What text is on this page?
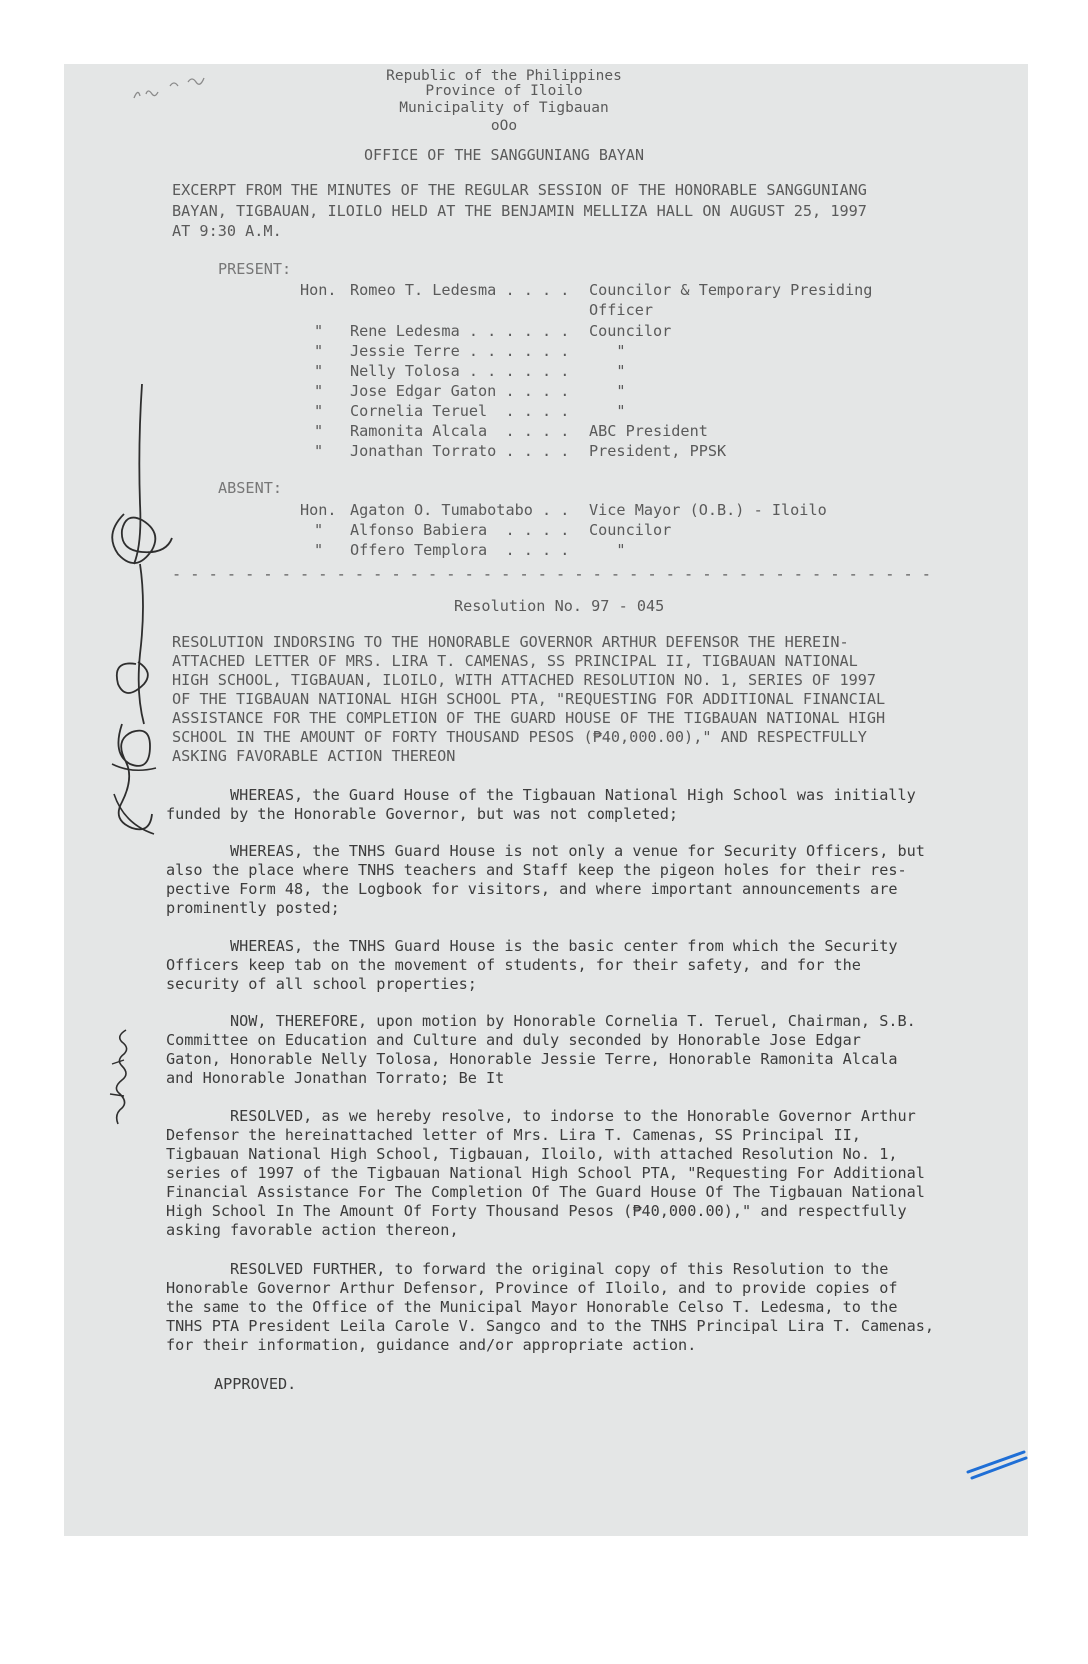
Republic of the Philippines
Province of Iloilo
Municipality of Tigbauan
oOo
OFFICE OF THE SANGGUNIANG BAYAN
EXCERPT FROM THE MINUTES OF THE REGULAR SESSION OF THE HONORABLE SANGGUNIANG
BAYAN, TIGBAUAN, ILOILO HELD AT THE BENJAMIN MELLIZA HALL ON AUGUST 25, 1997
AT 9:30 A.M.
PRESENT:
Hon. Romeo T. Ledesma . . . . Councilor & Temporary Presiding
Officer
" Rene Ledesma . . . . . . Councilor
" Jessie Terre . . . . . . "
" Nelly Tolosa . . . . . . "
" Jose Edgar Gaton . . . . "
" Cornelia Teruel  . . . . "
" Ramonita Alcala  . . . . ABC President
" Jonathan Torrato . . . . President, PPSK
ABSENT:
Hon. Agaton O. Tumabotabo . . Vice Mayor (O.B.) - Iloilo
" Alfonso Babiera  . . . . Councilor
" Offero Templora  . . . . "
- - - - - - - - - - - - - - - - - - - - - - - - - - - - - - - - - - - - - - - - - -
Resolution No. 97 - 045
RESOLUTION INDORSING TO THE HONORABLE GOVERNOR ARTHUR DEFENSOR THE HEREIN-
ATTACHED LETTER OF MRS. LIRA T. CAMENAS, SS PRINCIPAL II, TIGBAUAN NATIONAL
HIGH SCHOOL, TIGBAUAN, ILOILO, WITH ATTACHED RESOLUTION NO. 1, SERIES OF 1997
OF THE TIGBAUAN NATIONAL HIGH SCHOOL PTA, "REQUESTING FOR ADDITIONAL FINANCIAL
ASSISTANCE FOR THE COMPLETION OF THE GUARD HOUSE OF THE TIGBAUAN NATIONAL HIGH
SCHOOL IN THE AMOUNT OF FORTY THOUSAND PESOS (₱40,000.00)," AND RESPECTFULLY
ASKING FAVORABLE ACTION THEREON
WHEREAS, the Guard House of the Tigbauan National High School was initially
funded by the Honorable Governor, but was not completed;
WHEREAS, the TNHS Guard House is not only a venue for Security Officers, but
also the place where TNHS teachers and Staff keep the pigeon holes for their res-
pective Form 48, the Logbook for visitors, and where important announcements are
prominently posted;
WHEREAS, the TNHS Guard House is the basic center from which the Security
Officers keep tab on the movement of students, for their safety, and for the
security of all school properties;
NOW, THEREFORE, upon motion by Honorable Cornelia T. Teruel, Chairman, S.B.
Committee on Education and Culture and duly seconded by Honorable Jose Edgar
Gaton, Honorable Nelly Tolosa, Honorable Jessie Terre, Honorable Ramonita Alcala
and Honorable Jonathan Torrato; Be It
RESOLVED, as we hereby resolve, to indorse to the Honorable Governor Arthur
Defensor the hereinattached letter of Mrs. Lira T. Camenas, SS Principal II,
Tigbauan National High School, Tigbauan, Iloilo, with attached Resolution No. 1,
series of 1997 of the Tigbauan National High School PTA, "Requesting For Additional
Financial Assistance For The Completion Of The Guard House Of The Tigbauan National
High School In The Amount Of Forty Thousand Pesos (₱40,000.00)," and respectfully
asking favorable action thereon,
RESOLVED FURTHER, to forward the original copy of this Resolution to the
Honorable Governor Arthur Defensor, Province of Iloilo, and to provide copies of
the same to the Office of the Municipal Mayor Honorable Celso T. Ledesma, to the
TNHS PTA President Leila Carole V. Sangco and to the TNHS Principal Lira T. Camenas,
for their information, guidance and/or appropriate action.
APPROVED.
